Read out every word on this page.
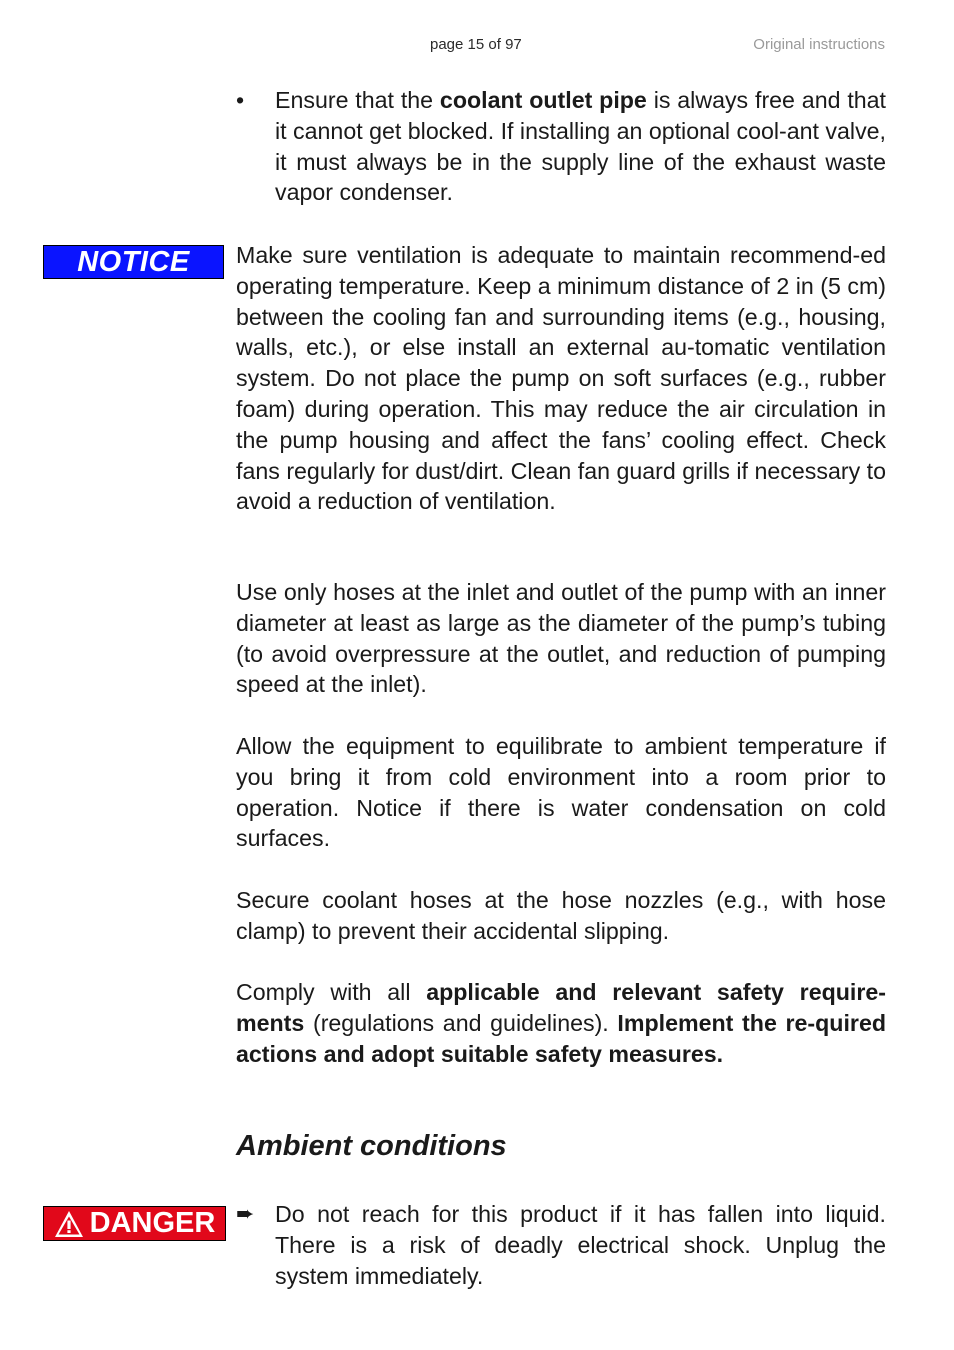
page 15 of 97	Original instructions
•	Ensure that the coolant outlet pipe is always free and that it cannot get blocked. If installing an optional cool-ant valve, it must always be in the supply line of the exhaust waste vapor condenser.

NOTICE Make sure ventilation is adequate to maintain recommend-ed operating temperature. Keep a minimum distance of 2 in (5 cm) between the cooling fan and surrounding items (e.g., housing, walls, etc.), or else install an external au-tomatic ventilation system. Do not place the pump on soft surfaces (e.g., rubber foam) during operation. This may reduce the air circulation in the pump housing and affect the fans’ cooling effect. Check fans regularly for dust/dirt. Clean fan guard grills if necessary to avoid a reduction of ventilation.

Use only hoses at the inlet and outlet of the pump with an inner diameter at least as large as the diameter of the pump’s tubing (to avoid overpressure at the outlet, and reduction of pumping speed at the inlet).

Allow the equipment to equilibrate to ambient temperature if you bring it from cold environment into a room prior to operation. Notice if there is water condensation on cold surfaces.

Secure coolant hoses at the hose nozzles (e.g., with hose clamp) to prevent their accidental slipping.

Comply with all applicable and relevant safety require-ments (regulations and guidelines). Implement the re-quired actions and adopt suitable safety measures.

Ambient conditions
DANGER ➨ Do not reach for this product if it has fallen into liquid. There is a risk of deadly electrical shock. Unplug the system immediately.
